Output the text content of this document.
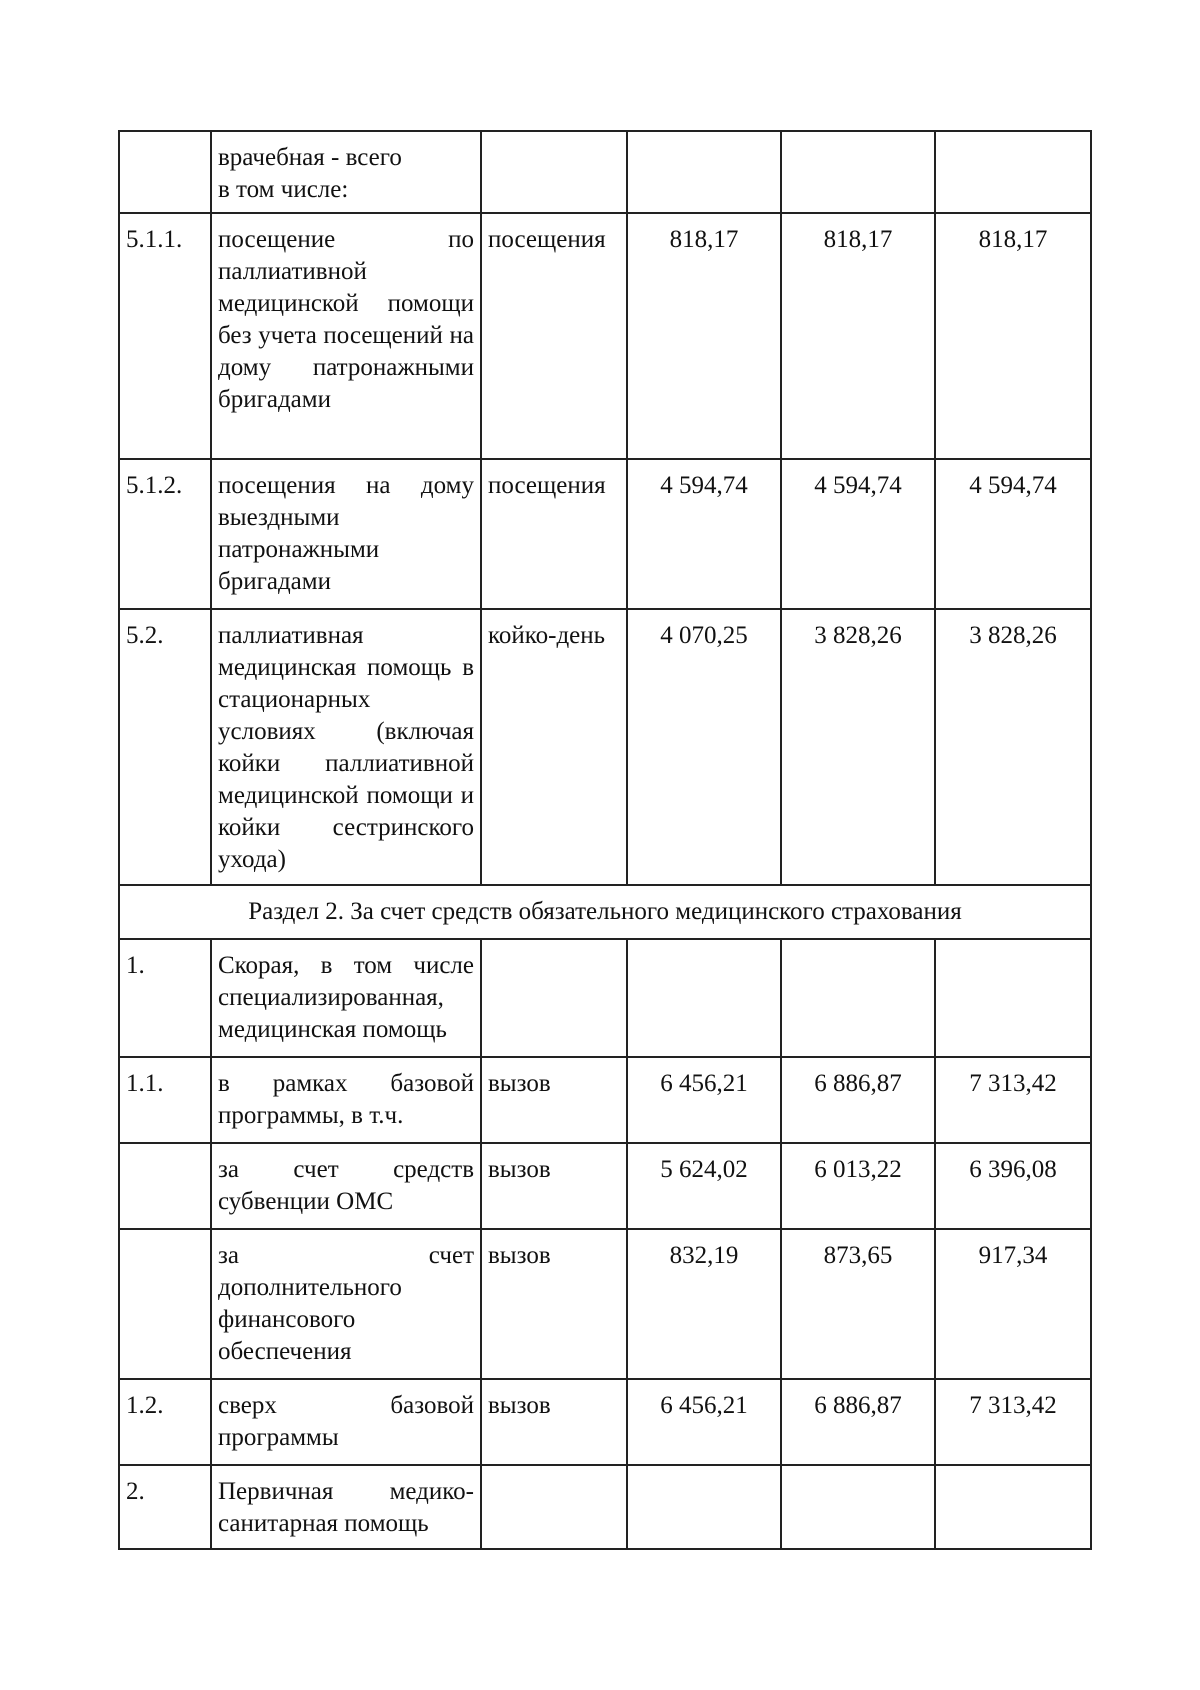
	врачебная - всего
в том числе:				

5.1.1.	посещение по паллиативной медицинской помощи без учета посещений на дому патронажными бригадами	посещения	818,17	818,17	818,17
5.1.2.	посещения на дому выездными патронажными бригадами	посещения	4 594,74	4 594,74	4 594,74
5.2.	паллиативная медицинская помощь в стационарных условиях (включая койки паллиативной медицинской помощи и койки сестринского ухода)	койко-день	4 070,25	3 828,26	3 828,26
Раздел 2. За счет средств обязательного медицинского страхования					
1.	Скорая, в том числе специализированная, медицинская помощь				
1.1.	в рамках базовой программы, в т.ч.	вызов	6 456,21	6 886,87	7 313,42
	за счет средств субвенции ОМС	вызов	5 624,02	6 013,22	6 396,08
	за счет дополнительного финансового обеспечения	вызов	832,19	873,65	917,34
1.2.	сверх базовой программы	вызов	6 456,21	6 886,87	7 313,42
2.	Первичная медико-санитарная помощь				
